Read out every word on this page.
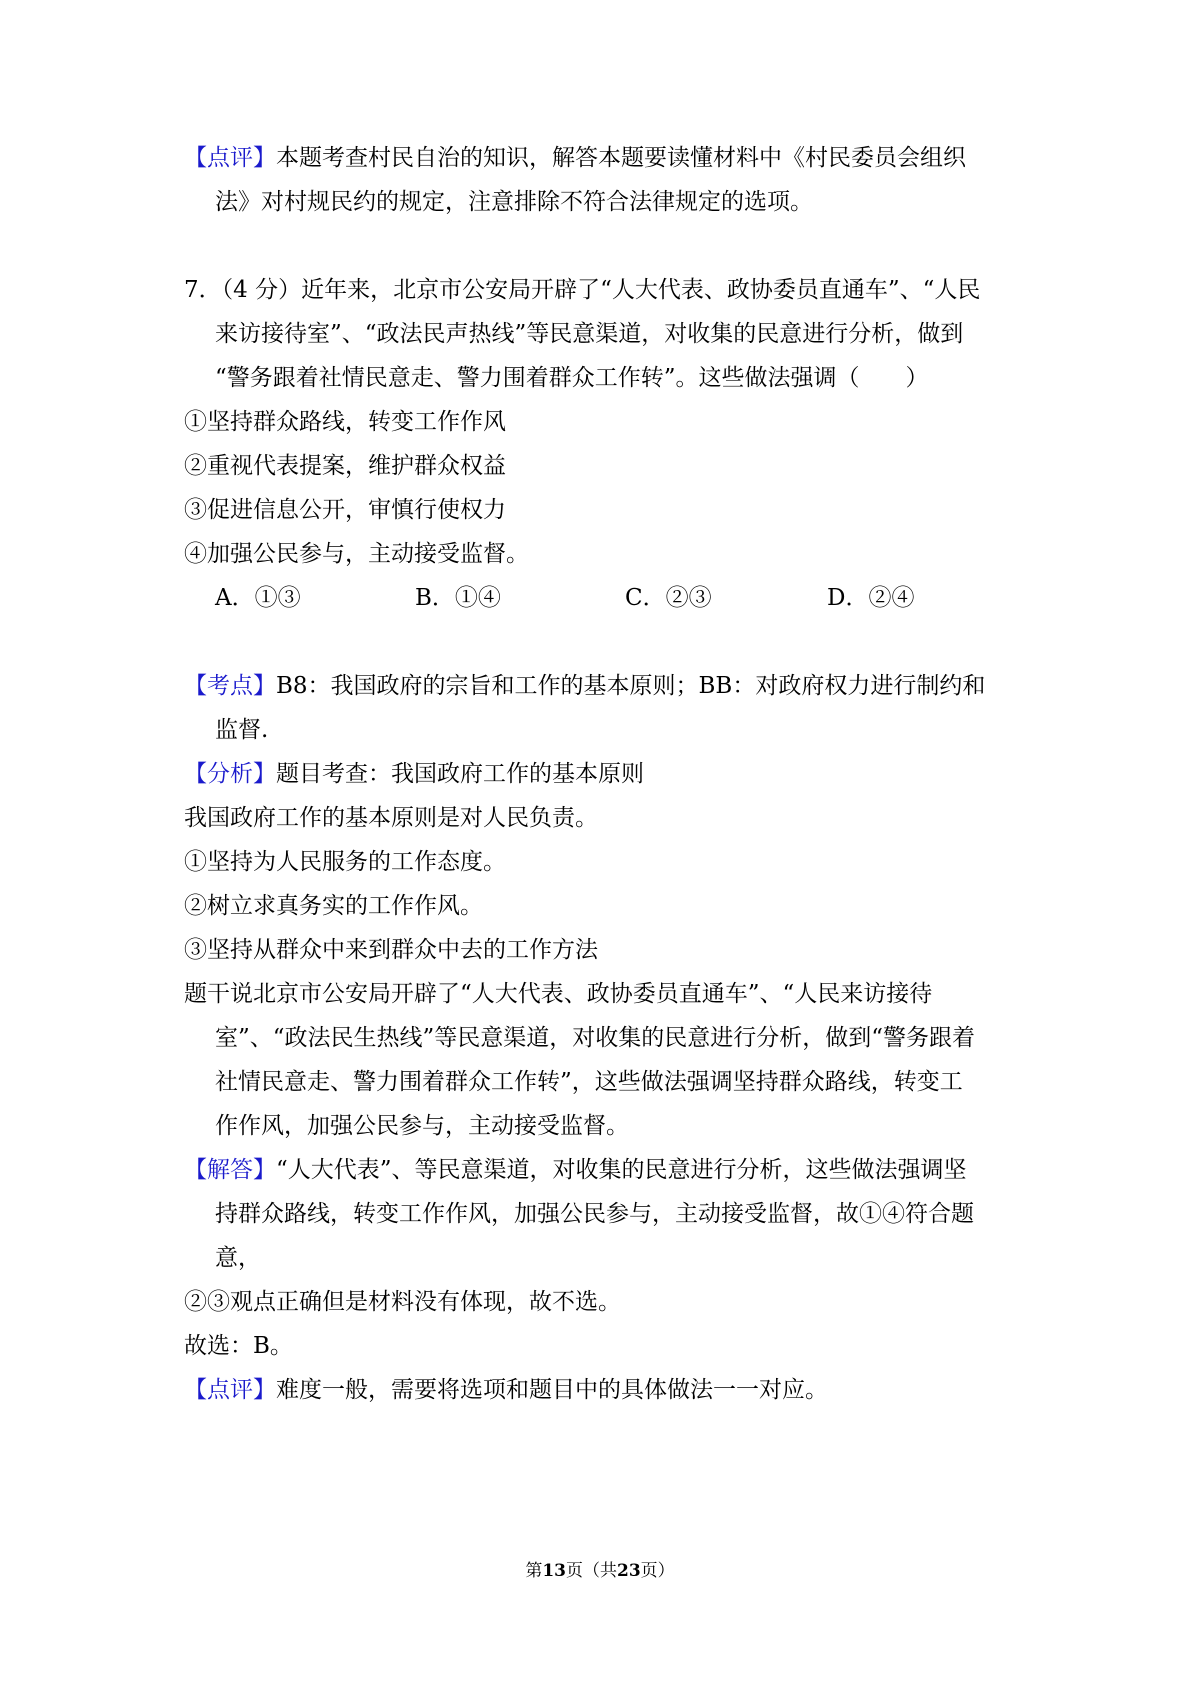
【点评】本题考查村民自治的知识，解答本题要读懂材料中《村民委员会组织
法》对村规民约的规定，注意排除不符合法律规定的选项。
7．（4 分）近年来，北京市公安局开辟了“人大代表、政协委员直通车”、“人民
来访接待室”、“政法民声热线”等民意渠道，对收集的民意进行分析，做到
“警务跟着社情民意走、警力围着群众工作转”。这些做法强调（　　）
①坚持群众路线，转变工作作风
②重视代表提案，维护群众权益
③促进信息公开，审慎行使权力
④加强公民参与，主动接受监督。
A．①③	B．①④	C．②③	D．②④
【考点】B8：我国政府的宗旨和工作的基本原则；BB：对政府权力进行制约和
监督.
【分析】题目考查：我国政府工作的基本原则
我国政府工作的基本原则是对人民负责。
①坚持为人民服务的工作态度。
②树立求真务实的工作作风。
③坚持从群众中来到群众中去的工作方法
题干说北京市公安局开辟了“人大代表、政协委员直通车”、“人民来访接待
室”、“政法民生热线”等民意渠道，对收集的民意进行分析，做到“警务跟着
社情民意走、警力围着群众工作转”，这些做法强调坚持群众路线，转变工
作作风，加强公民参与，主动接受监督。
【解答】“人大代表”、等民意渠道，对收集的民意进行分析，这些做法强调坚
持群众路线，转变工作作风，加强公民参与，主动接受监督，故①④符合题
意，
②③观点正确但是材料没有体现，故不选。
故选：B。
【点评】难度一般，需要将选项和题目中的具体做法一一对应。
第13页（共23页）
